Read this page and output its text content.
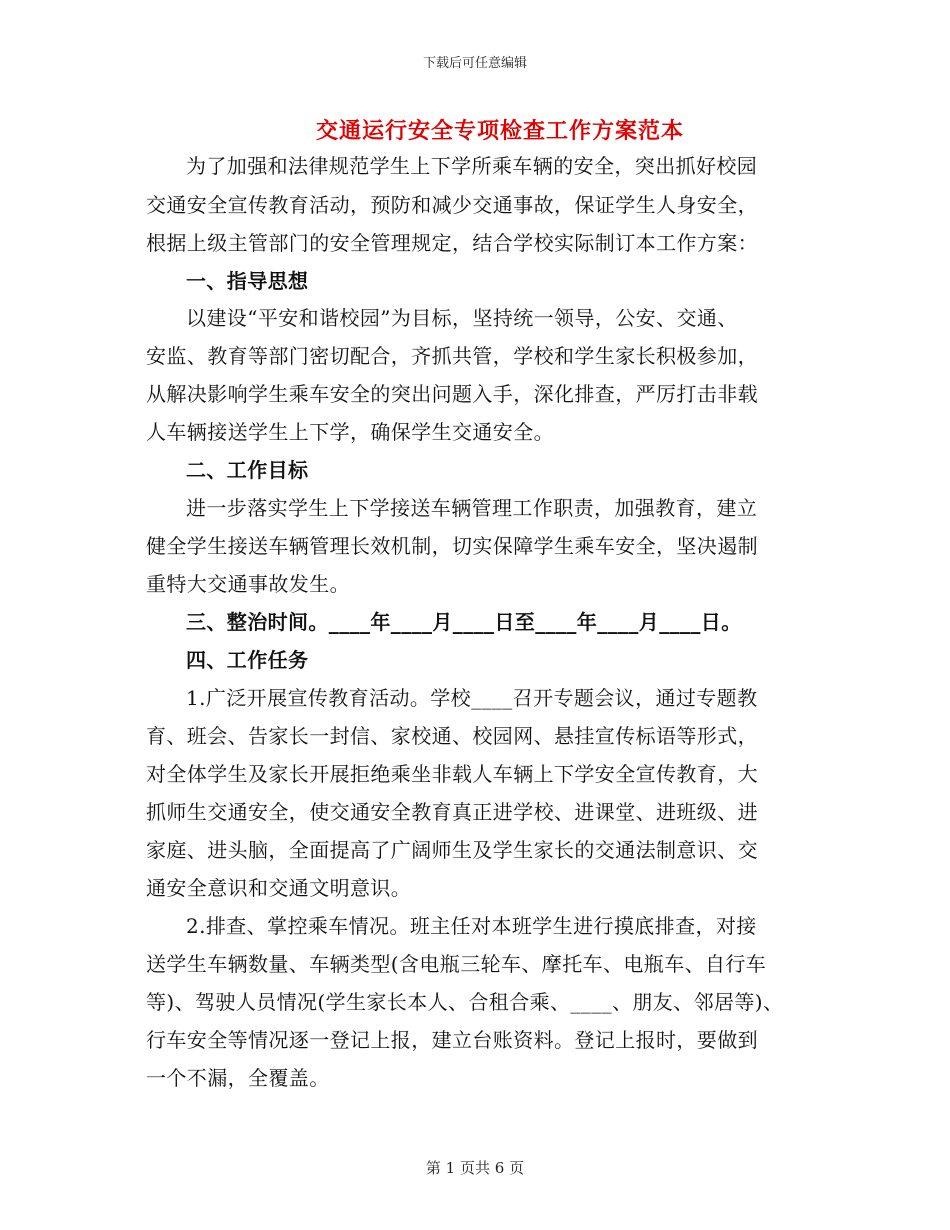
下载后可任意编辑
交通运行安全专项检查工作方案范本
为了加强和法律规范学生上下学所乘车辆的安全，突出抓好校园
交通安全宣传教育活动，预防和减少交通事故，保证学生人身安全，
根据上级主管部门的安全管理规定，结合学校实际制订本工作方案：
一、指导思想
以建设“平安和谐校园”为目标，坚持统一领导，公安、交通、
安监、教育等部门密切配合，齐抓共管，学校和学生家长积极参加，
从解决影响学生乘车安全的突出问题入手，深化排查，严厉打击非载
人车辆接送学生上下学，确保学生交通安全。
二、工作目标
进一步落实学生上下学接送车辆管理工作职责，加强教育，建立
健全学生接送车辆管理长效机制，切实保障学生乘车安全，坚决遏制
重特大交通事故发生。
三、整治时间。____年____月____日至____年____月____日。
四、工作任务
1.广泛开展宣传教育活动。学校____召开专题会议，通过专题教
育、班会、告家长一封信、家校通、校园网、悬挂宣传标语等形式，
对全体学生及家长开展拒绝乘坐非载人车辆上下学安全宣传教育，大
抓师生交通安全，使交通安全教育真正进学校、进课堂、进班级、进
家庭、进头脑，全面提高了广阔师生及学生家长的交通法制意识、交
通安全意识和交通文明意识。
2.排查、掌控乘车情况。班主任对本班学生进行摸底排查，对接
送学生车辆数量、车辆类型(含电瓶三轮车、摩托车、电瓶车、自行车
等)、驾驶人员情况(学生家长本人、合租合乘、____、朋友、邻居等)、
行车安全等情况逐一登记上报，建立台账资料。登记上报时，要做到
一个不漏，全覆盖。
第 1 页共 6 页
